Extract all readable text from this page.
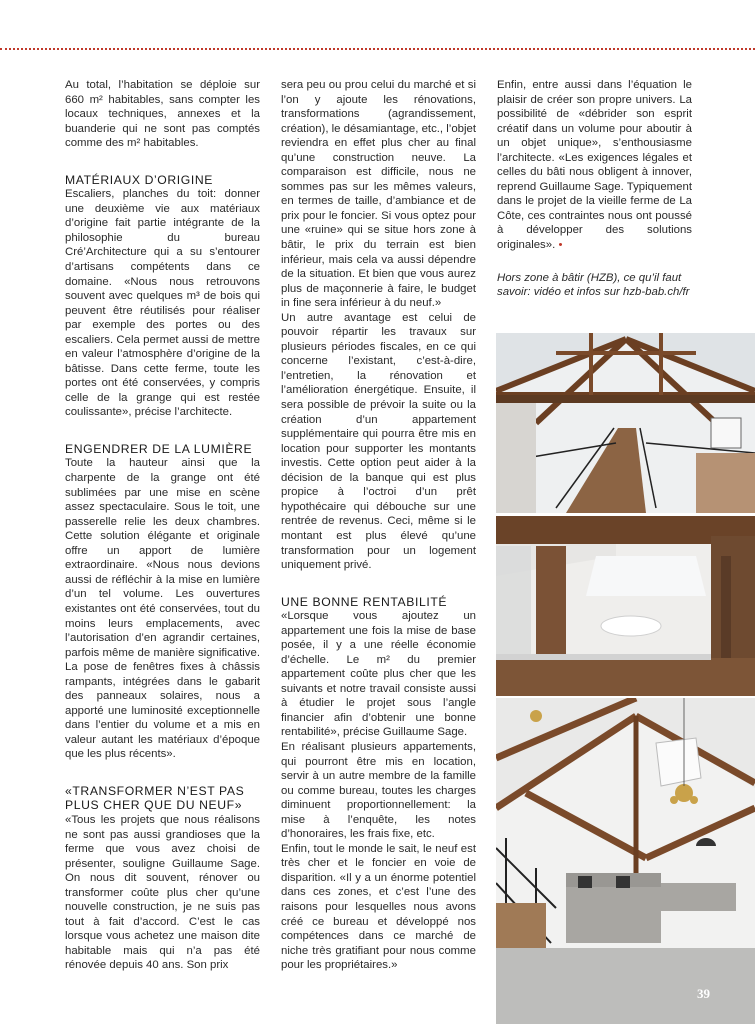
Au total, l’habitation se déploie sur 660 m² habitables, sans compter les locaux techniques, annexes et la buanderie qui ne sont pas comptés comme des m² habitables.

MATÉRIAUX D’ORIGINE

Escaliers, planches du toit: donner une deuxième vie aux matériaux d’origine fait partie intégrante de la philosophie du bureau Cré’Architecture qui a su s’entourer d’artisans compétents dans ce domaine. «Nous nous retrouvons souvent avec quelques m³ de bois qui peuvent être réutilisés pour réaliser par exemple des portes ou des escaliers. Cela permet aussi de mettre en valeur l’atmosphère d’origine de la bâtisse. Dans cette ferme, toute les portes ont été conservées, y compris celle de la grange qui est restée coulissante», précise l’architecte.

ENGENDRER DE LA LUMIÈRE

Toute la hauteur ainsi que la charpente de la grange ont été sublimées par une mise en scène assez spectaculaire. Sous le toit, une passerelle relie les deux chambres. Cette solution élégante et originale offre un apport de lumière extraordinaire. «Nous nous devions aussi de réfléchir à la mise en lumière d’un tel volume. Les ouvertures existantes ont été conservées, tout du moins leurs emplacements, avec l’autorisation d’en agrandir certaines, parfois même de manière significative. La pose de fenêtres fixes à châssis rampants, intégrées dans le gabarit des panneaux solaires, nous a apporté une luminosité exceptionnelle dans l’entier du volume et a mis en valeur autant les matériaux d’époque que les plus récents».

«TRANSFORMER N’EST PAS PLUS CHER QUE DU NEUF»

«Tous les projets que nous réalisons ne sont pas aussi grandioses que la ferme que vous avez choisi de présenter, souligne Guillaume Sage. On nous dit souvent, rénover ou transformer coûte plus cher qu’une nouvelle construction, je ne suis pas tout à fait d’accord. C’est le cas lorsque vous achetez une maison dite habitable mais qui n’a pas été rénovée depuis 40 ans. Son prix

sera peu ou prou celui du marché et si l’on y ajoute les rénovations, transformations (agrandissement, création), le désamiantage, etc., l’objet reviendra en effet plus cher au final qu’une construction neuve. La comparaison est difficile, nous ne sommes pas sur les mêmes valeurs, en termes de taille, d’ambiance et de prix pour le foncier. Si vous optez pour une «ruine» qui se situe hors zone à bâtir, le prix du terrain est bien inférieur, mais cela va aussi dépendre de la situation. Et bien que vous aurez plus de maçonnerie à faire, le budget in fine sera inférieur à du neuf.»

Un autre avantage est celui de pouvoir répartir les travaux sur plusieurs périodes fiscales, en ce qui concerne l’existant, c’est-à-dire, l’entretien, la rénovation et l’amélioration énergétique. Ensuite, il sera possible de prévoir la suite ou la création d’un appartement supplémentaire qui pourra être mis en location pour supporter les montants investis. Cette option peut aider à la décision de la banque qui est plus propice à l’octroi d’un prêt hypothécaire qui débouche sur une rentrée de revenus. Ceci, même si le montant est plus élevé qu’une transformation pour un logement uniquement privé.

UNE BONNE RENTABILITÉ

«Lorsque vous ajoutez un appartement une fois la mise de base posée, il y a une réelle économie d’échelle. Le m² du premier appartement coûte plus cher que les suivants et notre travail consiste aussi à étudier le projet sous l’angle financier afin d’obtenir une bonne rentabilité», précise Guillaume Sage.

En réalisant plusieurs appartements, qui pourront être mis en location, servir à un autre membre de la famille ou comme bureau, toutes les charges diminuent proportionnellement: la mise à l’enquête, les notes d’honoraires, les frais fixe, etc.

Enfin, tout le monde le sait, le neuf est très cher et le foncier en voie de disparition. «Il y a un énorme potentiel dans ces zones, et c’est l’une des raisons pour lesquelles nous avons créé ce bureau et développé nos compétences dans ce marché de niche très gratifiant pour nous comme pour les propriétaires.»

Enfin, entre aussi dans l’équation le plaisir de créer son propre univers. La possibilité de «débrider son esprit créatif dans un volume pour aboutir à un objet unique», s’enthousiasme l’architecte. «Les exigences légales et celles du bâti nous obligent à innover, reprend Guillaume Sage. Typiquement dans le projet de la vieille ferme de La Côte, ces contraintes nous ont poussé à développer des solutions originales». •

Hors zone à bâtir (HZB), ce qu’il faut savoir: vidéo et infos sur hzb-bab.ch/fr

39
